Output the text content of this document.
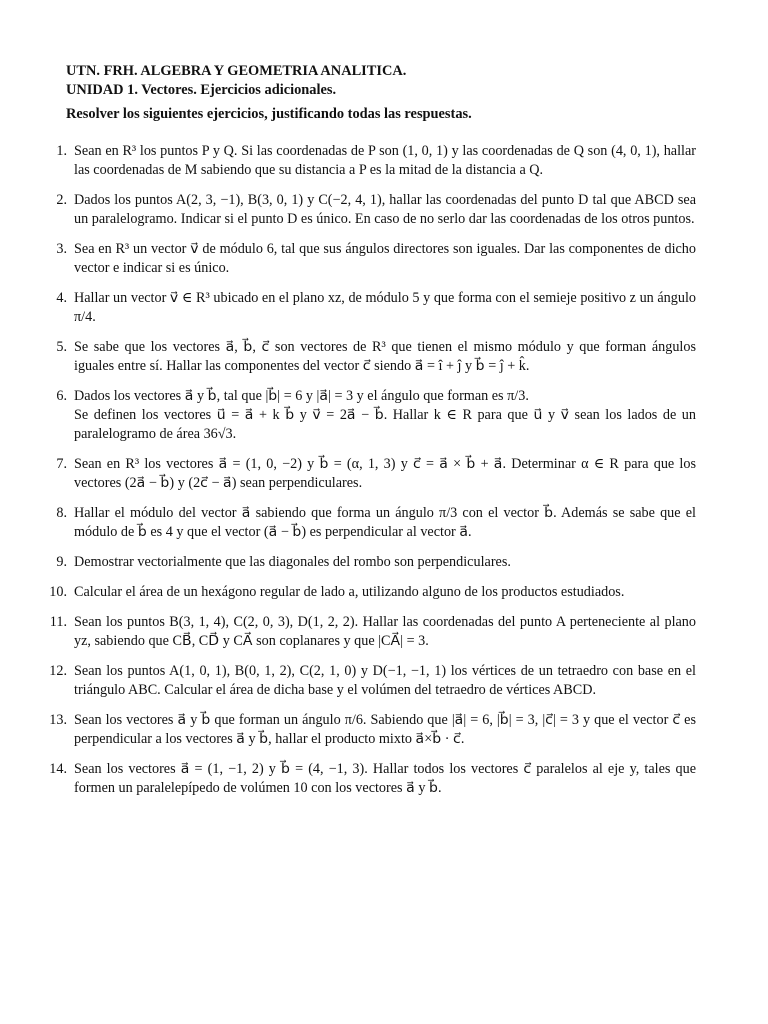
UTN. FRH. ALGEBRA Y GEOMETRIA ANALITICA.
UNIDAD 1. Vectores. Ejercicios adicionales.
Resolver los siguientes ejercicios, justificando todas las respuestas.
1. Sean en R³ los puntos P y Q. Si las coordenadas de P son (1, 0, 1) y las coordenadas de Q son (4, 0, 1), hallar las coordenadas de M sabiendo que su distancia a P es la mitad de la distancia a Q.
2. Dados los puntos A(2, 3, −1), B(3, 0, 1) y C(−2, 4, 1), hallar las coordenadas del punto D tal que ABCD sea un paralelogramo. Indicar si el punto D es único. En caso de no serlo dar las coordenadas de los otros puntos.
3. Sea en R³ un vector v⃗ de módulo 6, tal que sus ángulos directores son iguales. Dar las componentes de dicho vector e indicar si es único.
4. Hallar un vector v⃗ ∈ R³ ubicado en el plano xz, de módulo 5 y que forma con el semieje positivo z un ángulo π/4.
5. Se sabe que los vectores a⃗, b⃗, c⃗ son vectores de R³ que tienen el mismo módulo y que forman ángulos iguales entre sí. Hallar las componentes del vector c⃗ siendo a⃗ = î + ĵ y b⃗ = ĵ + k̂.
6. Dados los vectores a⃗ y b⃗, tal que |b⃗| = 6 y |a⃗| = 3 y el ángulo que forman es π/3.
Se definen los vectores u⃗ = a⃗ + k b⃗ y v⃗ = 2a⃗ − b⃗. Hallar k ∈ R para que u⃗ y v⃗ sean los lados de un paralelogramo de área 36√3.
7. Sean en R³ los vectores a⃗ = (1, 0, −2) y b⃗ = (α, 1, 3) y c⃗ = a⃗ × b⃗ + a⃗. Determinar α ∈ R para que los vectores (2a⃗ − b⃗) y (2c⃗ − a⃗) sean perpendiculares.
8. Hallar el módulo del vector a⃗ sabiendo que forma un ángulo π/3 con el vector b⃗. Además se sabe que el módulo de b⃗ es 4 y que el vector (a⃗ − b⃗) es perpendicular al vector a⃗.
9. Demostrar vectorialmente que las diagonales del rombo son perpendiculares.
10. Calcular el área de un hexágono regular de lado a, utilizando alguno de los productos estudiados.
11. Sean los puntos B(3, 1, 4), C(2, 0, 3), D(1, 2, 2). Hallar las coordenadas del punto A perteneciente al plano yz, sabiendo que CB⃗, CD⃗ y CA⃗ son coplanares y que |CA⃗| = 3.
12. Sean los puntos A(1, 0, 1), B(0, 1, 2), C(2, 1, 0) y D(−1, −1, 1) los vértices de un tetraedro con base en el triángulo ABC. Calcular el área de dicha base y el volúmen del tetraedro de vértices ABCD.
13. Sean los vectores a⃗ y b⃗ que forman un ángulo π/6. Sabiendo que |a⃗| = 6, |b⃗| = 3, |c⃗| = 3 y que el vector c⃗ es perpendicular a los vectores a⃗ y b⃗, hallar el producto mixto a⃗×b⃗ · c⃗.
14. Sean los vectores a⃗ = (1, −1, 2) y b⃗ = (4, −1, 3). Hallar todos los vectores c⃗ paralelos al eje y, tales que formen un paralelepípedo de volúmen 10 con los vectores a⃗ y b⃗.
